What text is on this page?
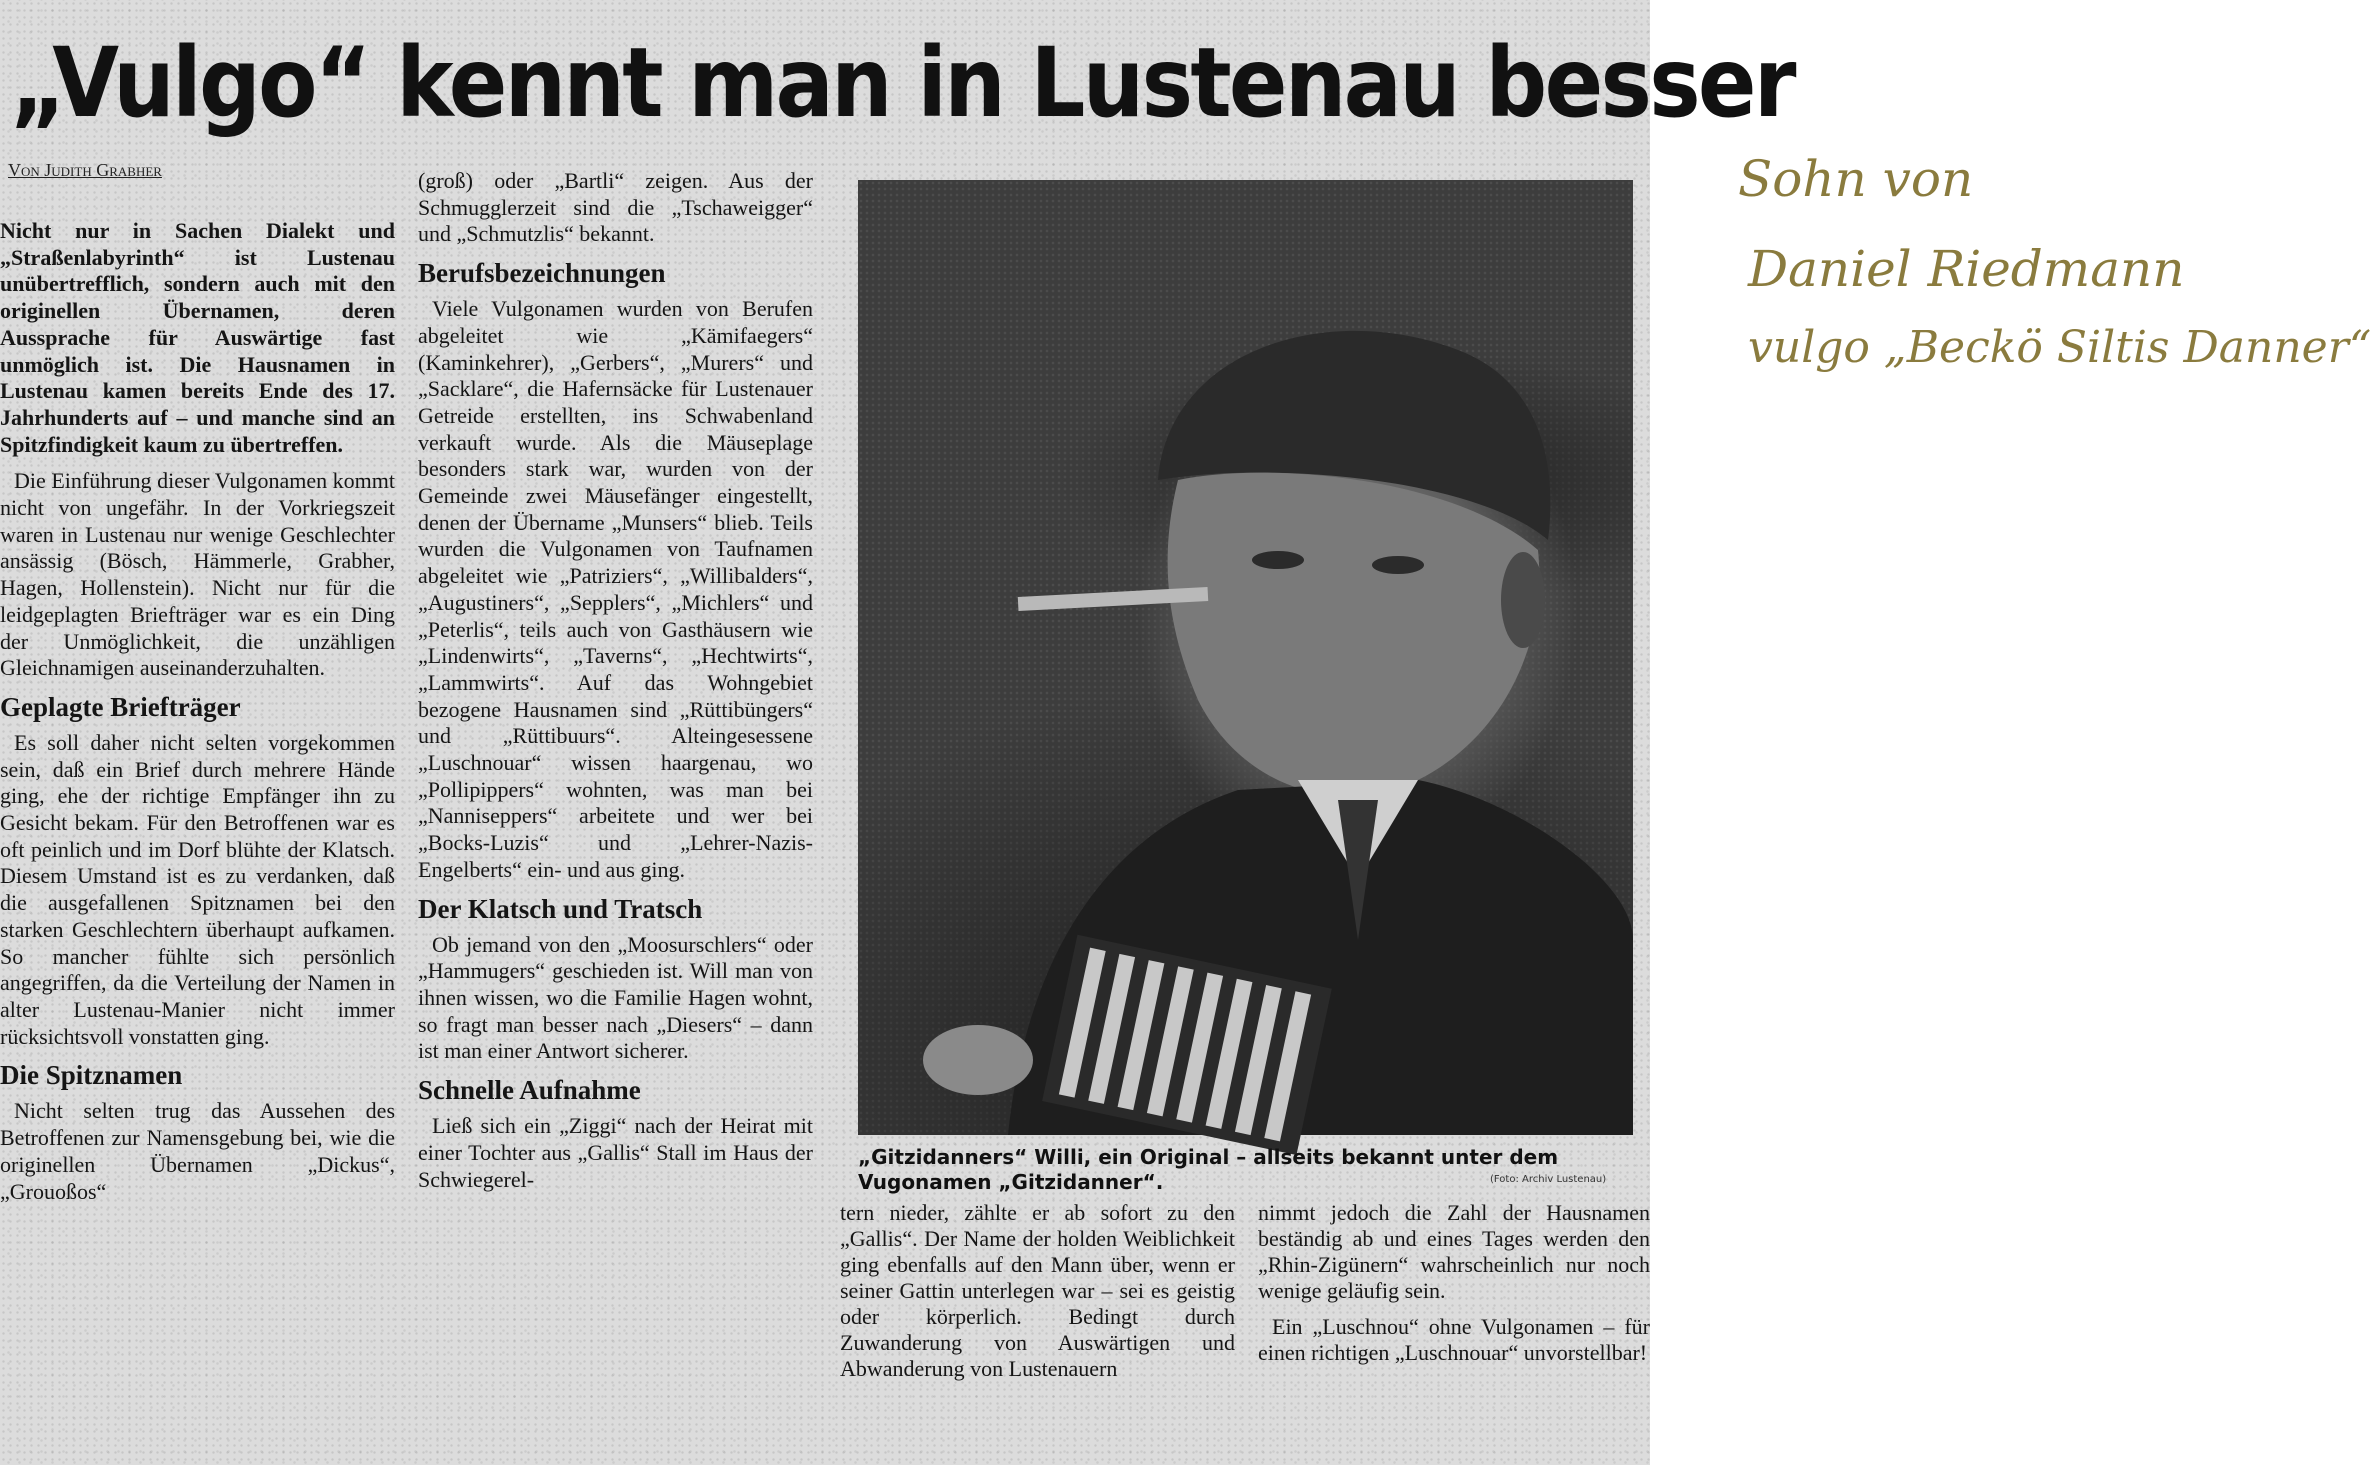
„Vulgo“ kennt man in Lustenau besser
Von Judith Grabher

Nicht nur in Sachen Dialekt und „Straßenlabyrinth“ ist Lustenau unübertrefflich, sondern auch mit den originellen Übernamen, deren Aussprache für Auswärtige fast unmöglich ist. Die Hausnamen in Lustenau kamen bereits Ende des 17. Jahrhunderts auf – und manche sind an Spitzfindigkeit kaum zu übertreffen.

Die Einführung dieser Vulgonamen kommt nicht von ungefähr. In der Vorkriegszeit waren in Lustenau nur wenige Geschlechter ansässig (Bösch, Hämmerle, Grabher, Hagen, Hollenstein). Nicht nur für die leidgeplagten Briefträger war es ein Ding der Unmöglichkeit, die unzähligen Gleichnamigen auseinanderzuhalten.

Geplagte Briefträger

Es soll daher nicht selten vorgekommen sein, daß ein Brief durch mehrere Hände ging, ehe der richtige Empfänger ihn zu Gesicht bekam. Für den Betroffenen war es oft peinlich und im Dorf blühte der Klatsch. Diesem Umstand ist es zu verdanken, daß die ausgefallenen Spitznamen bei den starken Geschlechtern überhaupt aufkamen. So mancher fühlte sich persönlich angegriffen, da die Verteilung der Namen in alter Lustenau-Manier nicht immer rücksichtsvoll vonstatten ging.

Die Spitznamen

Nicht selten trug das Aussehen des Betroffenen zur Namensgebung bei, wie die originellen Übernamen „Dickus“, „Grouoßos“

(groß) oder „Bartli“ zeigen. Aus der Schmugglerzeit sind die „Tschaweigger“ und „Schmutzlis“ bekannt.

Berufsbezeichnungen

Viele Vulgonamen wurden von Berufen abgeleitet wie „Kämifaegers“ (Kaminkehrer), „Gerbers“, „Murers“ und „Sacklare“, die Hafernsäcke für Lustenauer Getreide erstellten, ins Schwabenland verkauft wurde. Als die Mäuseplage besonders stark war, wurden von der Gemeinde zwei Mäusefänger eingestellt, denen der Übername „Munsers“ blieb. Teils wurden die Vulgonamen von Taufnamen abgeleitet wie „Patriziers“, „Willibalders“, „Augustiners“, „Sepplers“, „Michlers“ und „Peterlis“, teils auch von Gasthäusern wie „Lindenwirts“, „Taverns“, „Hechtwirts“, „Lammwirts“. Auf das Wohngebiet bezogene Hausnamen sind „Rüttibüngers“ und „Rüttibuurs“. Alteingesessene „Luschnouar“ wissen haargenau, wo „Pollipippers“ wohnten, was man bei „Nanniseppers“ arbeitete und wer bei „Bocks-Luzis“ und „Lehrer-Nazis-Engelberts“ ein- und aus ging.

Der Klatsch und Tratsch

Ob jemand von den „Moosurschlers“ oder „Hammugers“ geschieden ist. Will man von ihnen wissen, wo die Familie Hagen wohnt, so fragt man besser nach „Diesers“ – dann ist man einer Antwort sicherer.

Schnelle Aufnahme

Ließ sich ein „Ziggi“ nach der Heirat mit einer Tochter aus „Gallis“ Stall im Haus der Schwiegerel-

„Gitzidanners“ Willi, ein Original – allseits bekannt unter dem Vugonamen „Gitzidanner“.	(Foto: Archiv Lustenau)

tern nieder, zählte er ab sofort zu den „Gallis“. Der Name der holden Weiblichkeit ging ebenfalls auf den Mann über, wenn er seiner Gattin unterlegen war – sei es geistig oder körperlich. Bedingt durch Zuwanderung von Auswärtigen und Abwanderung von Lustenauern

nimmt jedoch die Zahl der Hausnamen beständig ab und eines Tages werden den „Rhin-Zigünern“ wahrscheinlich nur noch wenige geläufig sein.

Ein „Luschnou“ ohne Vulgonamen – für einen richtigen „Luschnouar“ unvorstellbar!

Sohn von
Daniel Riedmann
vulgo „Beckö Siltis Danner“
